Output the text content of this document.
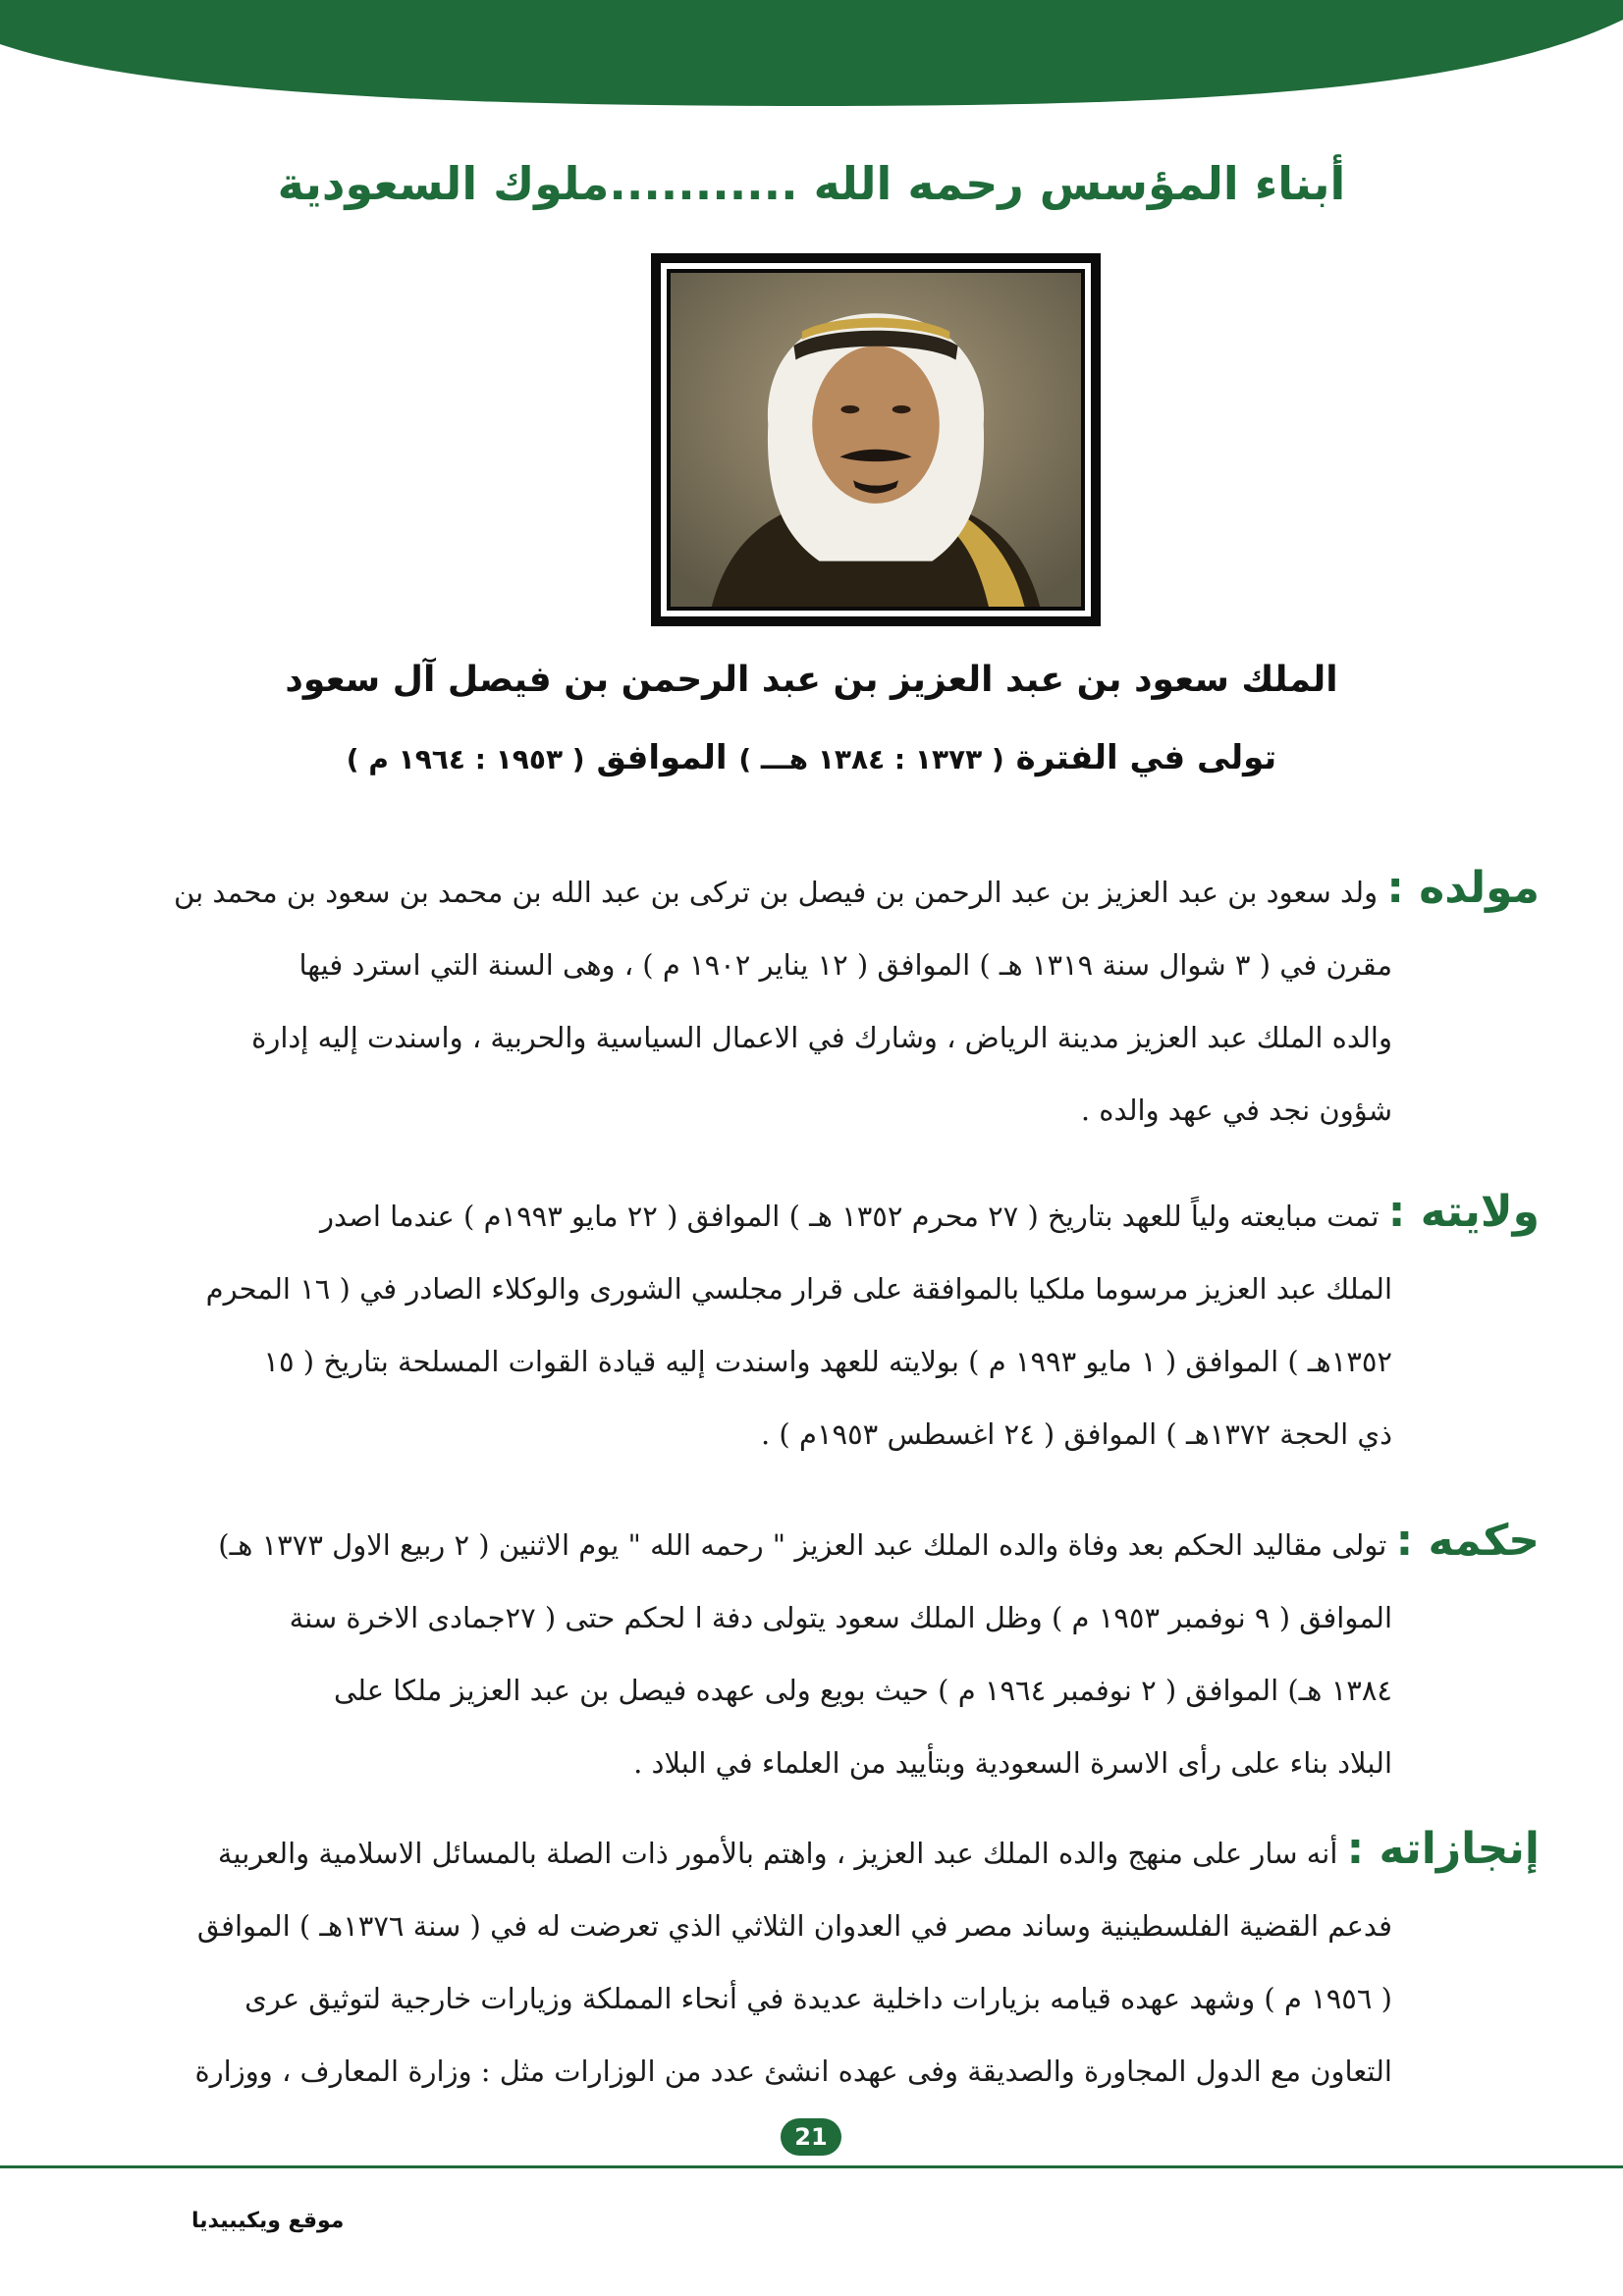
أبناء المؤسس رحمه الله ...........ملوك السعودية
الملك سعود بن عبد العزيز بن عبد الرحمن بن فيصل آل سعود
تولى في الفترة ( ١٣٧٣ : ١٣٨٤ هـــ ) الموافق ( ١٩٥٣ : ١٩٦٤ م )
مولده : ولد سعود بن عبد العزيز بن عبد الرحمن بن فيصل بن تركى بن عبد الله بن محمد بن سعود بن محمد بن
مقرن في ( ٣ شوال سنة ١٣١٩ هـ ) الموافق ( ١٢ يناير ١٩٠٢ م ) ، وهى السنة التي استرد فيها
والده الملك عبد العزيز مدينة الرياض ، وشارك في الاعمال السياسية والحربية ، واسندت إليه إدارة
شؤون نجد في عهد والده .
ولايته : تمت مبايعته ولياً للعهد بتاريخ ( ٢٧ محرم ١٣٥٢ هـ ) الموافق ( ٢٢ مايو ١٩٩٣م ) عندما اصدر
الملك عبد العزيز مرسوما ملكيا بالموافقة على قرار مجلسي الشورى والوكلاء الصادر في ( ١٦ المحرم
١٣٥٢هـ ) الموافق ( ١ مايو ١٩٩٣ م ) بولايته للعهد واسندت إليه قيادة القوات المسلحة بتاريخ ( ١٥
ذي الحجة ١٣٧٢هـ ) الموافق ( ٢٤ اغسطس ١٩٥٣م ) .
حكمه : تولى مقاليد الحكم بعد وفاة والده الملك عبد العزيز " رحمه الله " يوم الاثنين ( ٢ ربيع الاول ١٣٧٣ هـ)
الموافق ( ٩ نوفمبر ١٩٥٣ م ) وظل الملك سعود يتولى دفة ا لحكم حتى ( ٢٧جمادى الاخرة سنة
١٣٨٤ هـ) الموافق ( ٢ نوفمبر ١٩٦٤ م ) حيث بويع ولى عهده فيصل بن عبد العزيز ملكا على
البلاد بناء على رأى الاسرة السعودية وبتأييد من العلماء في البلاد .
إنجازاته : أنه سار على منهج والده الملك عبد العزيز ، واهتم بالأمور ذات الصلة بالمسائل الاسلامية والعربية
فدعم القضية الفلسطينية وساند مصر في العدوان الثلاثي الذي تعرضت له في ( سنة ١٣٧٦هـ ) الموافق
( ١٩٥٦ م ) وشهد عهده قيامه بزيارات داخلية عديدة في أنحاء المملكة وزيارات خارجية لتوثيق عرى
التعاون مع الدول المجاورة والصديقة وفى عهده انشئ عدد من الوزارات مثل : وزارة المعارف ، ووزارة
21
موقع ويكيبيديا
